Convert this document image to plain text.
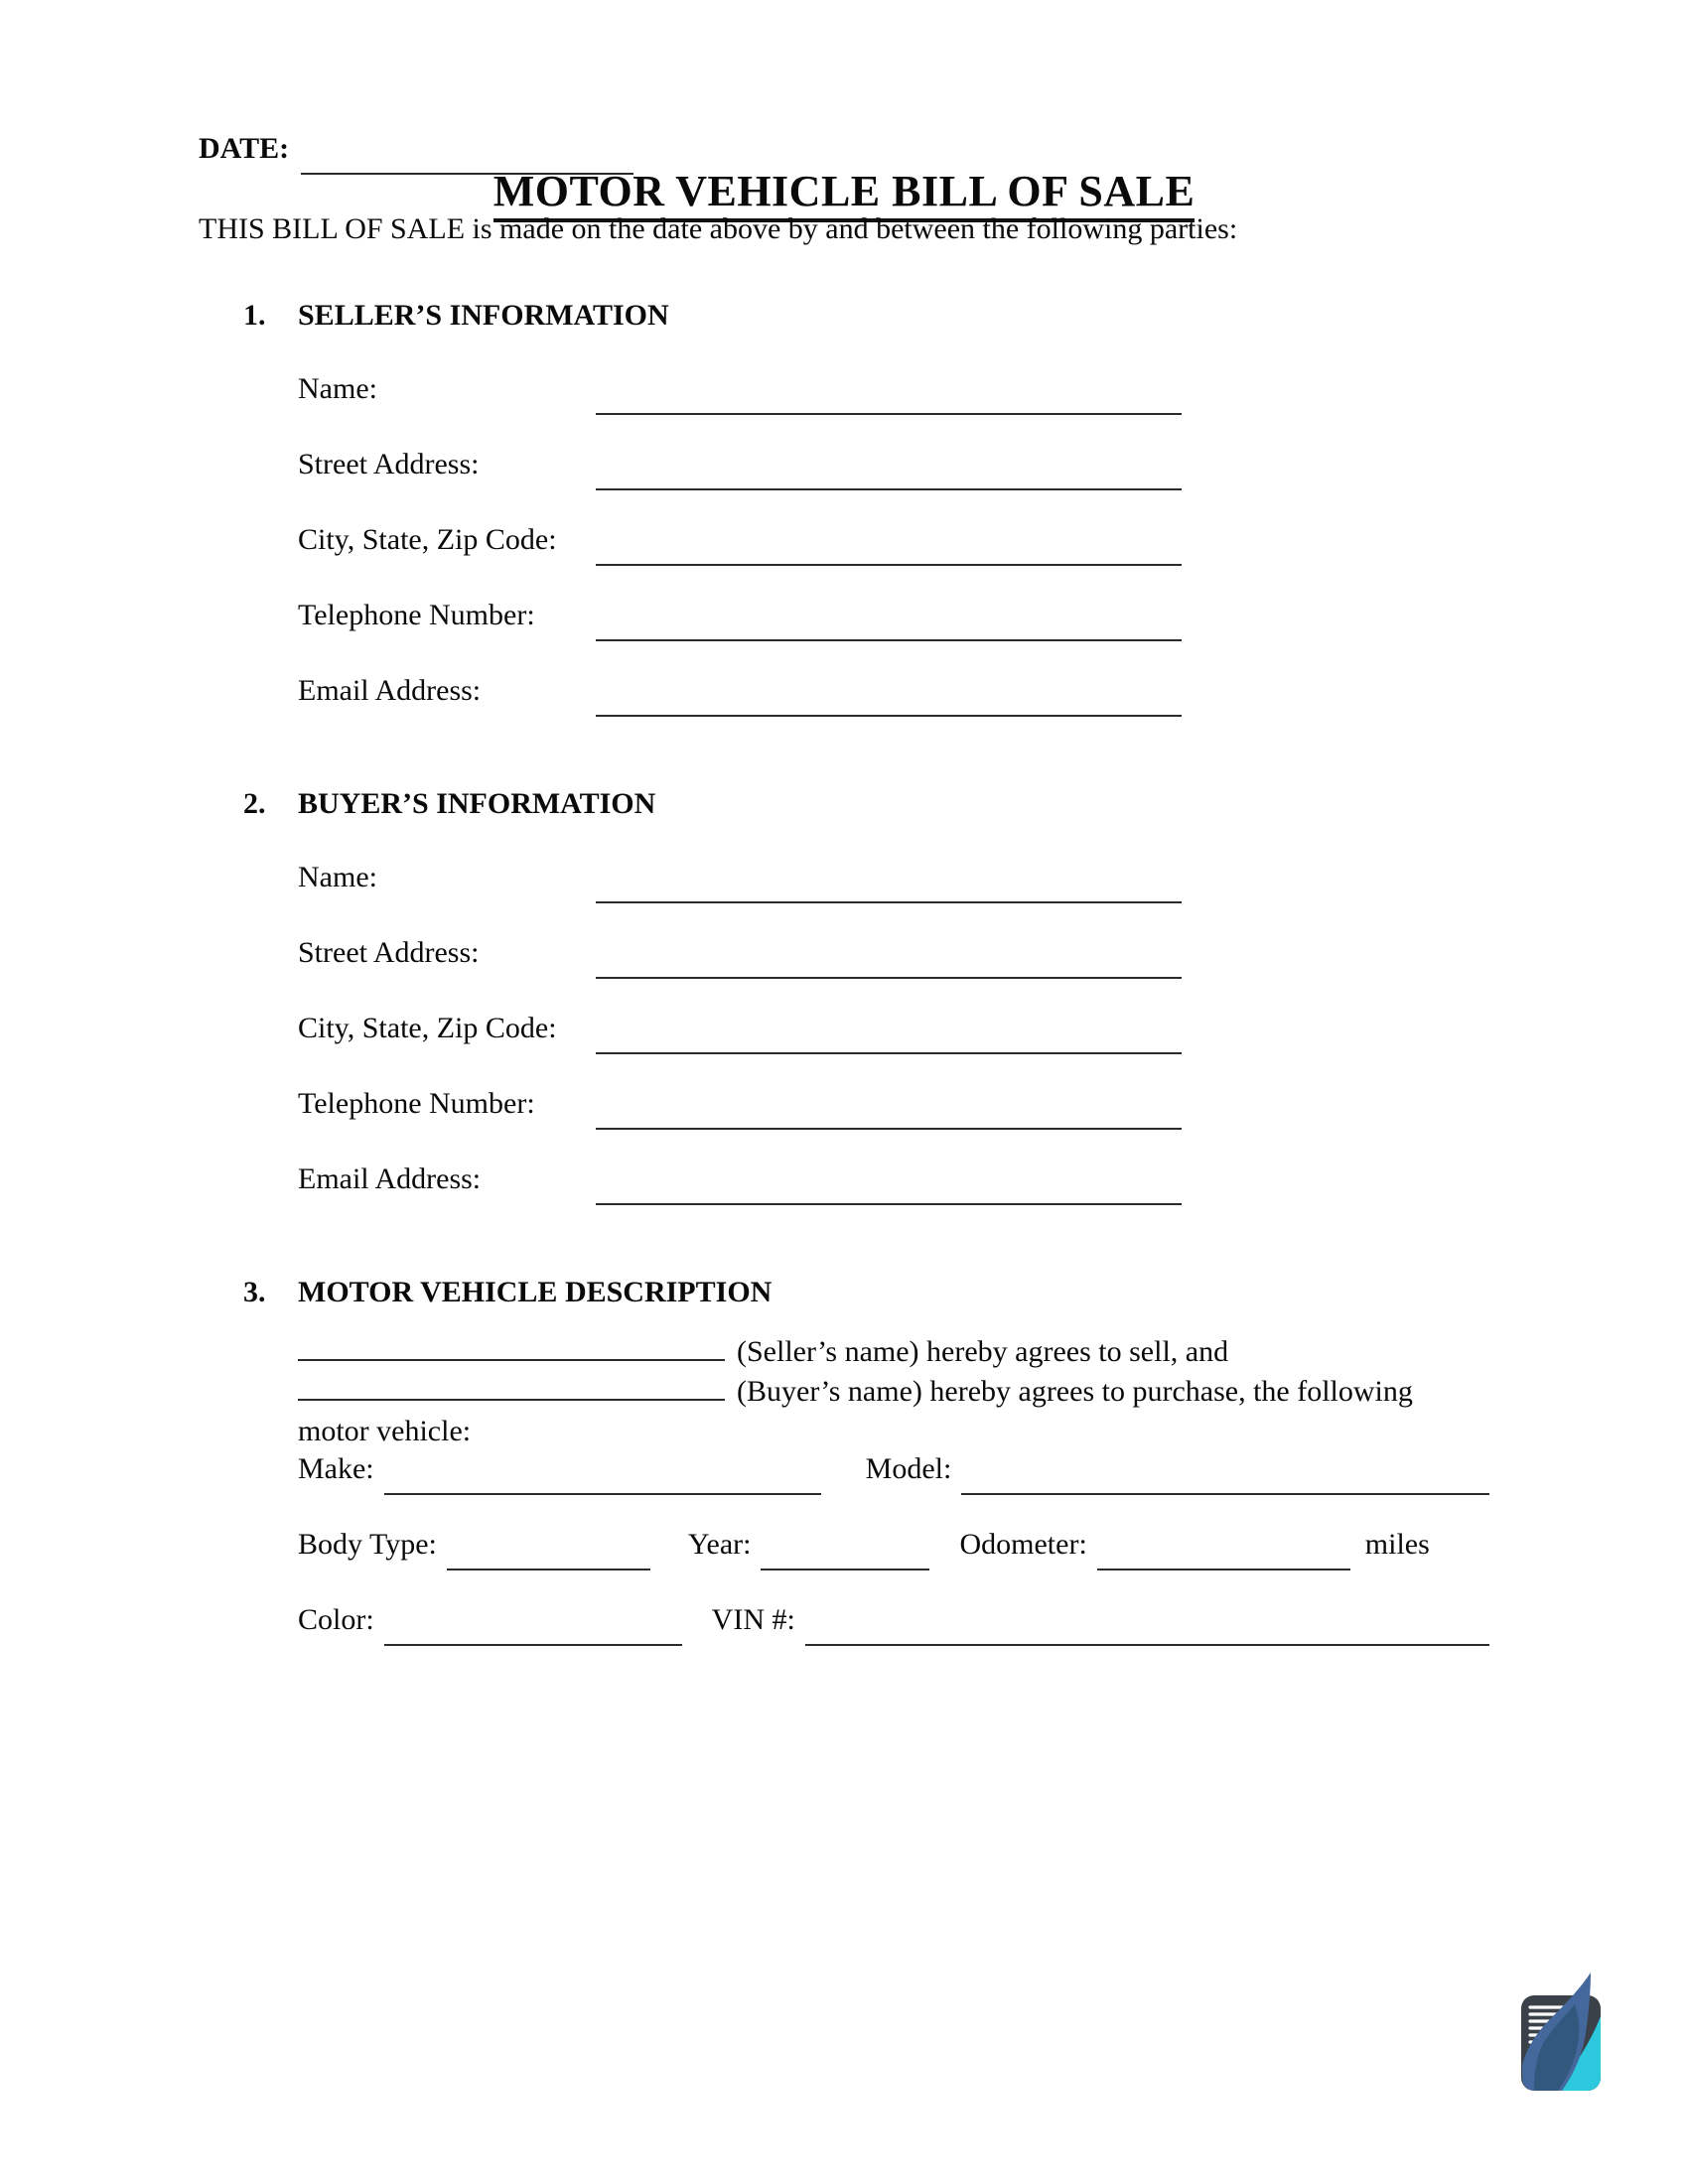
MOTOR VEHICLE BILL OF SALE
DATE:

THIS BILL OF SALE is made on the date above by and between the following parties:

1.	SELLER’S INFORMATION
Name:
Street Address:
City, State, Zip Code:
Telephone Number:
Email Address:
2.	BUYER’S INFORMATION
Name:
Street Address:
City, State, Zip Code:
Telephone Number:
Email Address:
3.	MOTOR VEHICLE DESCRIPTION
(Seller’s name) hereby agrees to sell, and
(Buyer’s name) hereby agrees to purchase, the following
motor vehicle:
Make:	Model:
Body Type:	Year:	Odometer:	miles
Color:	VIN #:
